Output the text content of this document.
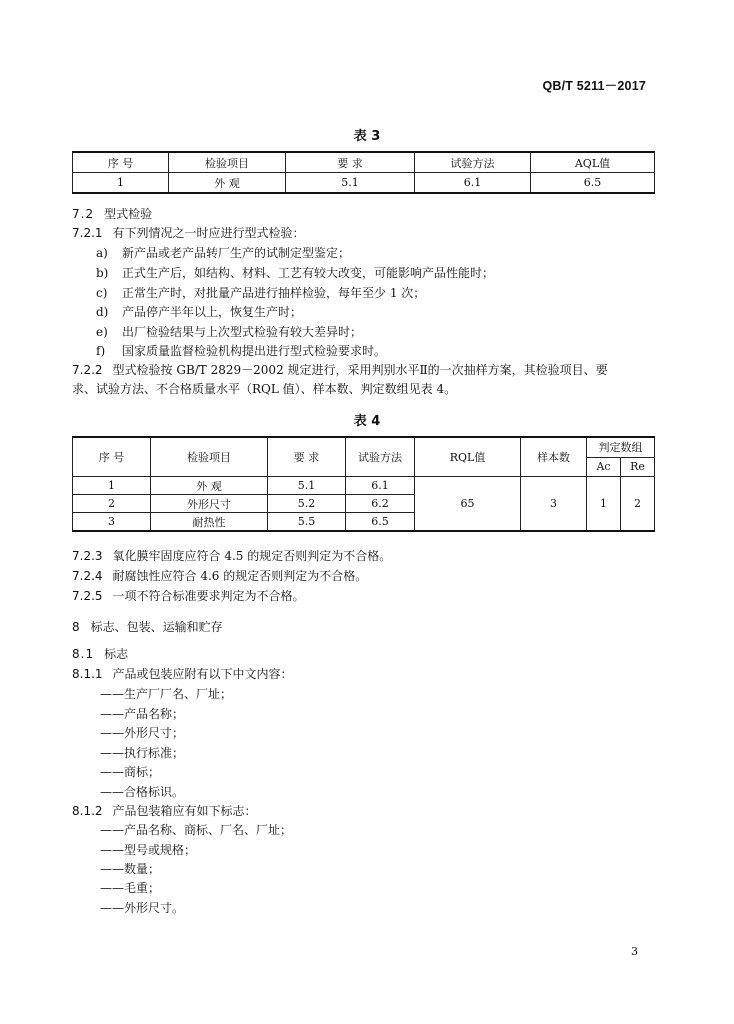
QB/T 5211－2017
表 3
序 号	检验项目	要 求	试验方法	AQL值
1	外 观	5.1	6.1	6.5
7.2 型式检验
7.2.1 有下列情况之一时应进行型式检验：
a) 新产品或老产品转厂生产的试制定型鉴定；
b) 正式生产后，如结构、材料、工艺有较大改变，可能影响产品性能时；
c) 正常生产时，对批量产品进行抽样检验，每年至少 1 次；
d) 产品停产半年以上，恢复生产时；
e) 出厂检验结果与上次型式检验有较大差异时；
f) 国家质量监督检验机构提出进行型式检验要求时。
7.2.2 型式检验按 GB/T 2829－2002 规定进行，采用判别水平Ⅱ的一次抽样方案，其检验项目、要
求、试验方法、不合格质量水平（RQL 值）、样本数、判定数组见表 4。
表 4
序 号	检验项目	要 求	试验方法	RQL值	样本数	判定数组	
						Ac	Re
1	外 观	5.1	6.1	65	3	1	2
2	外形尺寸	5.2	6.2				
3	耐热性	5.5	6.5				
7.2.3 氧化膜牢固度应符合 4.5 的规定否则判定为不合格。
7.2.4 耐腐蚀性应符合 4.6 的规定否则判定为不合格。
7.2.5 一项不符合标准要求判定为不合格。
8 标志、包装、运输和贮存
8.1 标志
8.1.1 产品或包装应附有以下中文内容：
——生产厂厂名、厂址；
——产品名称；
——外形尺寸；
——执行标准；
——商标；
——合格标识。
8.1.2 产品包装箱应有如下标志：
——产品名称、商标、厂名、厂址；
——型号或规格；
——数量；
——毛重；
——外形尺寸。
3
